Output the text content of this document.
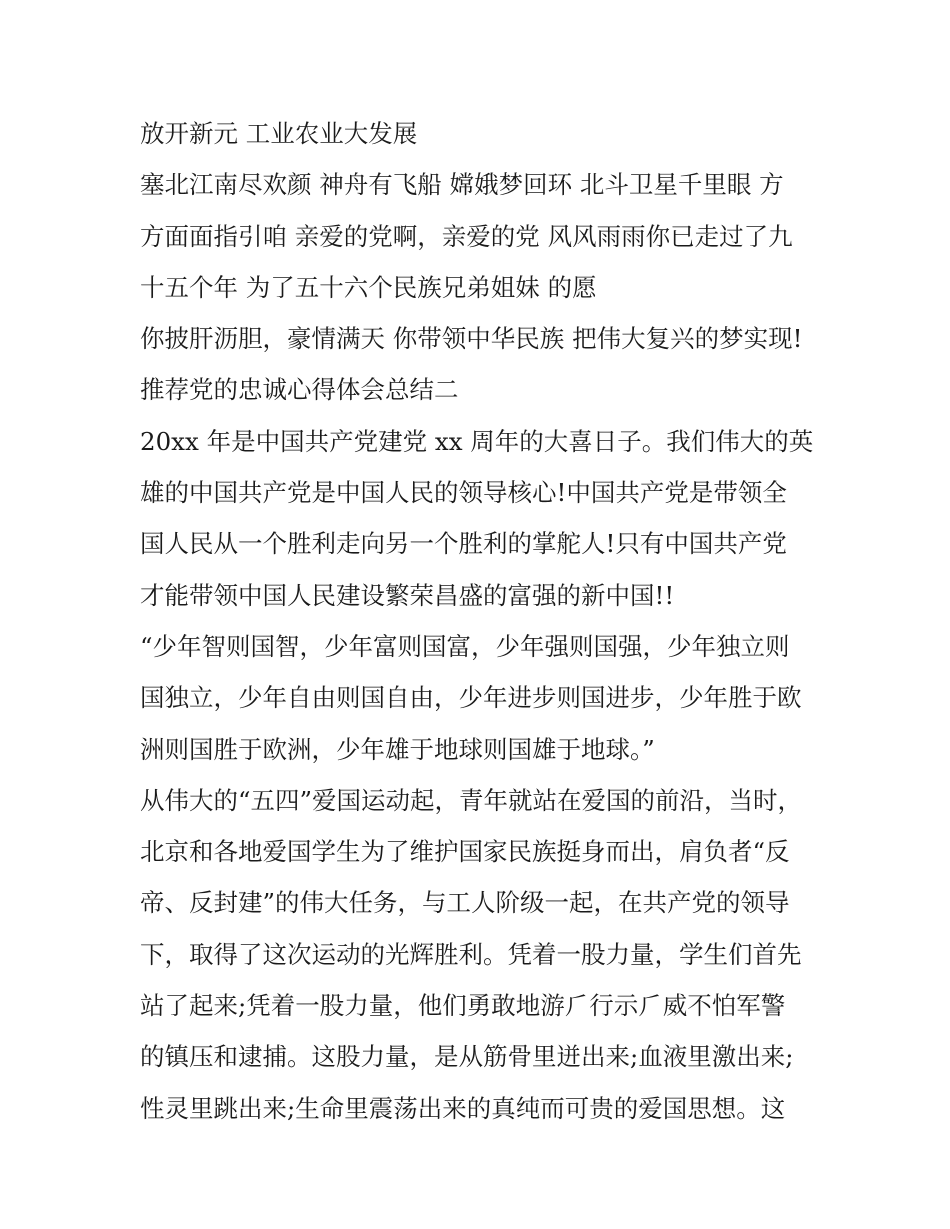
放开新元 工业农业大发展
塞北江南尽欢颜 神舟有飞船 嫦娥梦回环 北斗卫星千里眼 方
方面面指引咱 亲爱的党啊，亲爱的党 风风雨雨你已走过了九
十五个年 为了五十六个民族兄弟姐妹 的愿
你披肝沥胆，豪情满天 你带领中华民族 把伟大复兴的梦实现!
推荐党的忠诚心得体会总结二
20xx 年是中国共产党建党 xx 周年的大喜日子。我们伟大的英
雄的中国共产党是中国人民的领导核心!中国共产党是带领全
国人民从一个胜利走向另一个胜利的掌舵人!只有中国共产党
才能带领中国人民建设繁荣昌盛的富强的新中国!!
“少年智则国智，少年富则国富，少年强则国强，少年独立则
国独立，少年自由则国自由，少年进步则国进步，少年胜于欧
洲则国胜于欧洲，少年雄于地球则国雄于地球。”
从伟大的“五四”爱国运动起，青年就站在爱国的前沿，当时，
北京和各地爱国学生为了维护国家民族挺身而出，肩负者“反
帝、反封建”的伟大任务，与工人阶级一起，在共产党的领导
下，取得了这次运动的光辉胜利。凭着一股力量，学生们首先
站了起来;凭着一股力量，他们勇敢地游⺁行示⺁威不怕军警
的镇压和逮捕。这股力量，是从筋骨里迸出来;血液里激出来;
性灵里跳出来;生命里震荡出来的真纯而可贵的爱国思想。这
